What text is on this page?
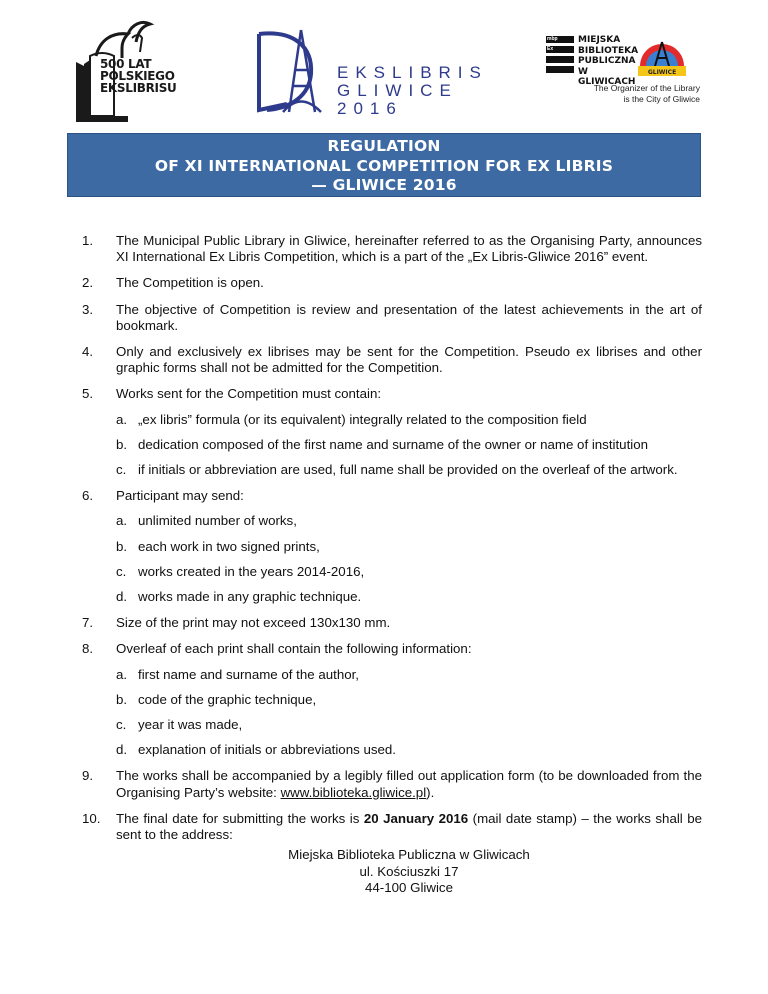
500 LAT
POLSKIEGO
EKSLIBRISU
EKSLIBRIS
GLIWICE
2016
mbp
Ex
MIEJSKA
BIBLIOTEKA
PUBLICZNA
W GLIWICACH
GLIWICE
The Organizer of the Library
is the City of Gliwice
REGULATION
OF XI INTERNATIONAL COMPETITION FOR EX LIBRIS
— GLIWICE 2016
1.	The Municipal Public Library in Gliwice, hereinafter referred to as the Organising Party, announces XI International Ex Libris Competition, which is a part of the „Ex Libris-Gliwice 2016” event.
2.	The Competition is open.
3.	The objective of Competition is review and presentation of the latest achievements in the art of bookmark.
4.	Only and exclusively ex librises may be sent for the Competition. Pseudo ex librises and other graphic forms shall not be admitted for the Competition.
5.	Works sent for the Competition must contain:
a. „ex libris” formula (or its equivalent) integrally related to the composition field
b. dedication composed of the first name and surname of the owner or name of institution
c. if initials or abbreviation are used, full name shall be provided on the overleaf of the artwork.
6.	Participant may send:
a. unlimited number of works,
b. each work in two signed prints,
c. works created in the years 2014-2016,
d. works made in any graphic technique.
7.	Size of the print may not exceed 130x130 mm.
8.	Overleaf of each print shall contain the following information:
a. first name and surname of the author,
b. code of the graphic technique,
c. year it was made,
d. explanation of initials or abbreviations used.
9.	The works shall be accompanied by a legibly filled out application form (to be downloaded from the Organising Party’s website: www.biblioteka.gliwice.pl).
10.	The final date for submitting the works is 20 January 2016 (mail date stamp) – the works shall be sent to the address:
Miejska Biblioteka Publiczna w Gliwicach
ul. Kościuszki 17
44-100 Gliwice
